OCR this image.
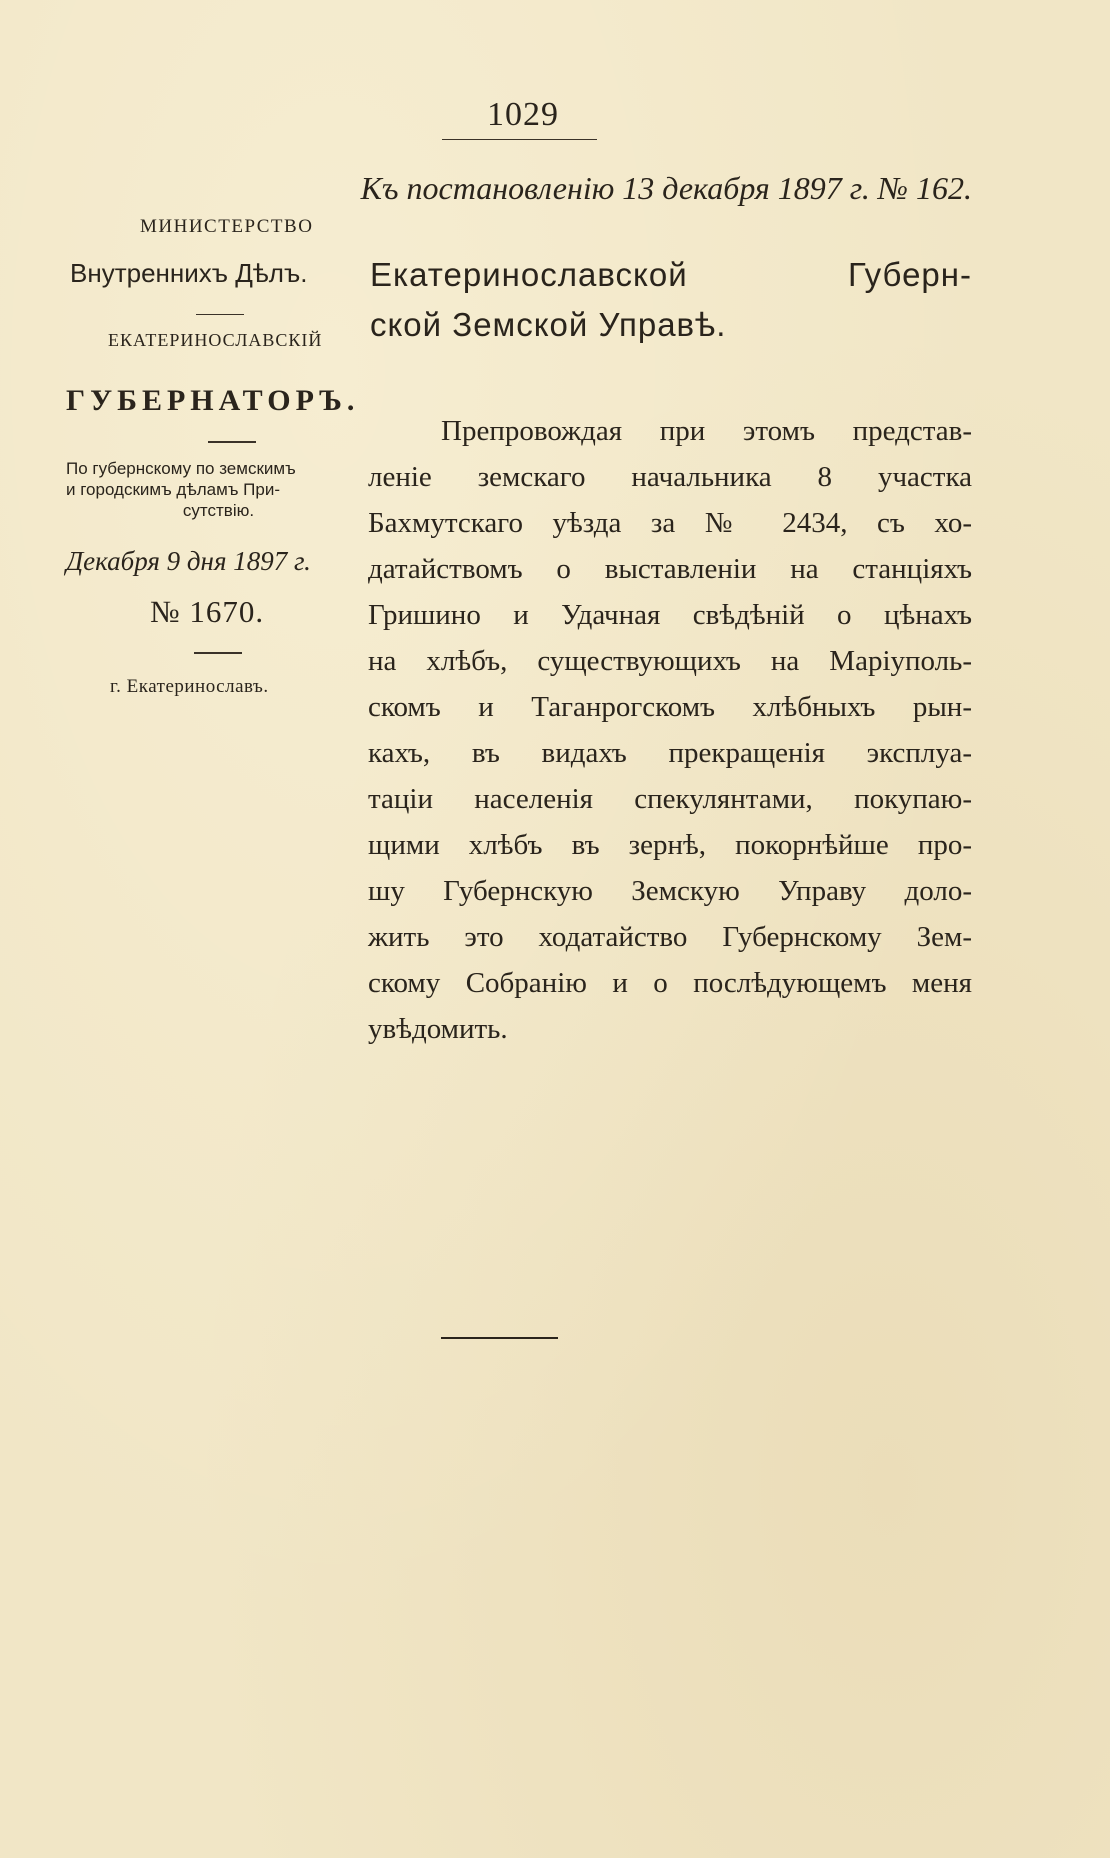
1029
Къ постановленію 13 декабря 1897 г. № 162.
МИНИСТЕРСТВО
Внутреннихъ Дѣлъ.
ЕКАТЕРИНОСЛАВСКІЙ
ГУБЕРНАТОРЪ.
По губернскому по земскимъ
и городскимъ дѣламъ При-
сутствію.
Декабря 9 дня 1897 г.
№ 1670.
г. Екатеринославъ.
Екатеринославской Губерн-
ской Земской Управѣ.
Препровождая при этомъ представ-
леніе земскаго начальника 8 участка
Бахмутскаго уѣзда за № 2434, съ хо-
датайствомъ о выставленіи на станціяхъ
Гришино и Удачная свѣдѣній о цѣнахъ
на хлѣбъ, существующихъ на Маріуполь-
скомъ и Таганрогскомъ хлѣбныхъ рын-
кахъ, въ видахъ прекращенія эксплуа-
таціи населенія спекулянтами, покупаю-
щими хлѣбъ въ зернѣ, покорнѣйше про-
шу Губернскую Земскую Управу доло-
жить это ходатайство Губернскому Зем-
скому Собранію и о послѣдующемъ меня
увѣдомить.
